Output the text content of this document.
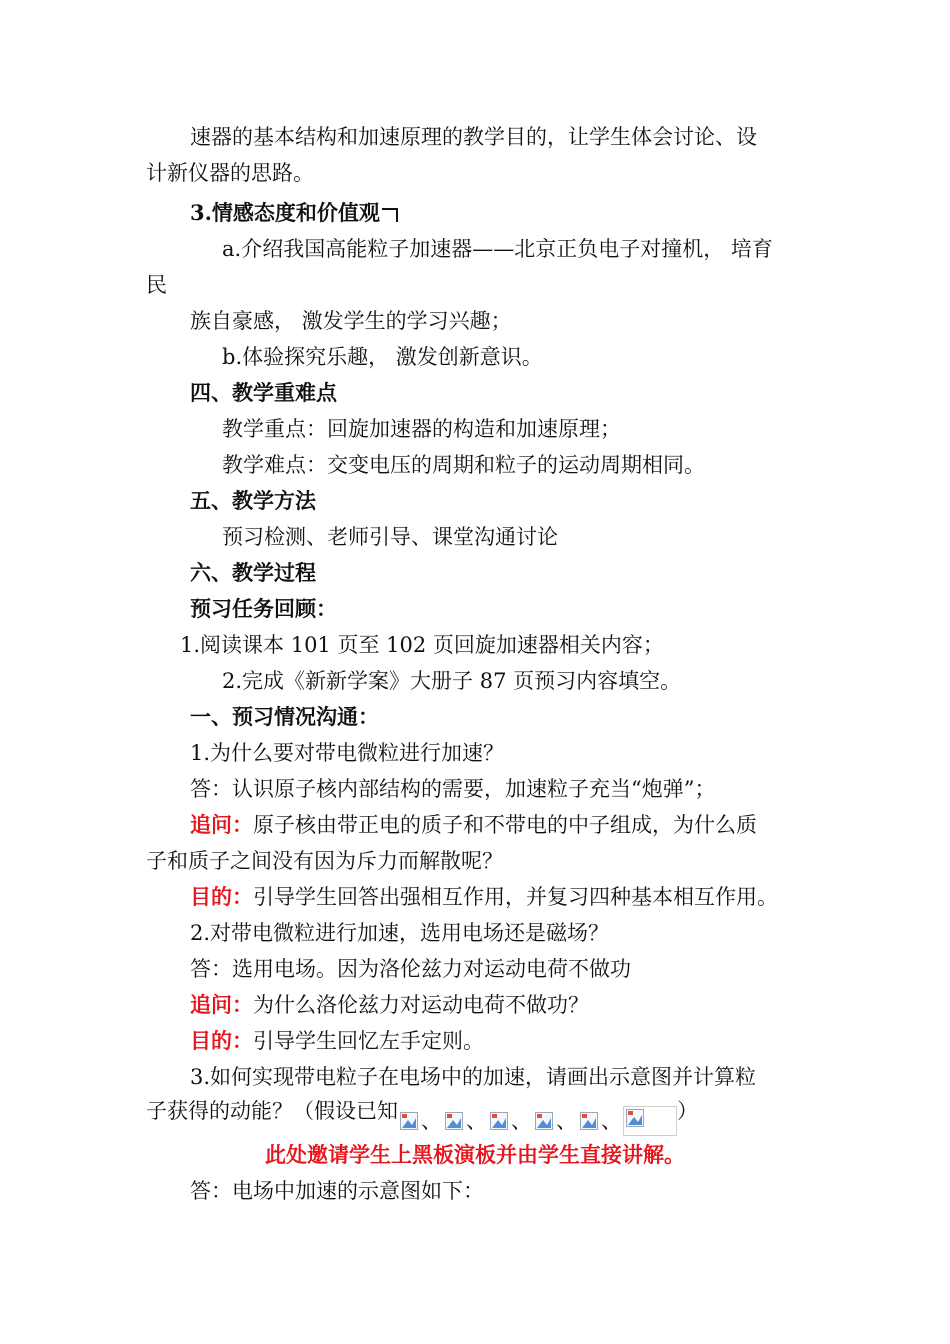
速器的基本结构和加速原理的教学目的，让学生体会讨论、设
计新仪器的思路。
3.情感态度和价值观
a.介绍我国高能粒子加速器——北京正负电子对撞机， 培育
民
族自豪感， 激发学生的学习兴趣；
b.体验探究乐趣， 激发创新意识。
四、教学重难点
教学重点：回旋加速器的构造和加速原理；
教学难点：交变电压的周期和粒子的运动周期相同。
五、教学方法
预习检测、老师引导、课堂沟通讨论
六、教学过程
预习任务回顾：
1.阅读课本 101 页至 102 页回旋加速器相关内容；
2.完成《新新学案》大册子 87 页预习内容填空。
一、预习情况沟通：
1.为什么要对带电微粒进行加速？
答：认识原子核内部结构的需要，加速粒子充当“炮弹”；
追问：原子核由带正电的质子和不带电的中子组成，为什么质
子和质子之间没有因为斥力而解散呢？
目的：引导学生回答出强相互作用，并复习四种基本相互作用。
2.对带电微粒进行加速，选用电场还是磁场？
答：选用电场。因为洛伦兹力对运动电荷不做功
追问：为什么洛伦兹力对运动电荷不做功？
目的：引导学生回忆左手定则。
3.如何实现带电粒子在电场中的加速，请画出示意图并计算粒
子获得的动能？（假设已知 、 、 、 、 、	）
此处邀请学生上黑板演板并由学生直接讲解。
答：电场中加速的示意图如下：
